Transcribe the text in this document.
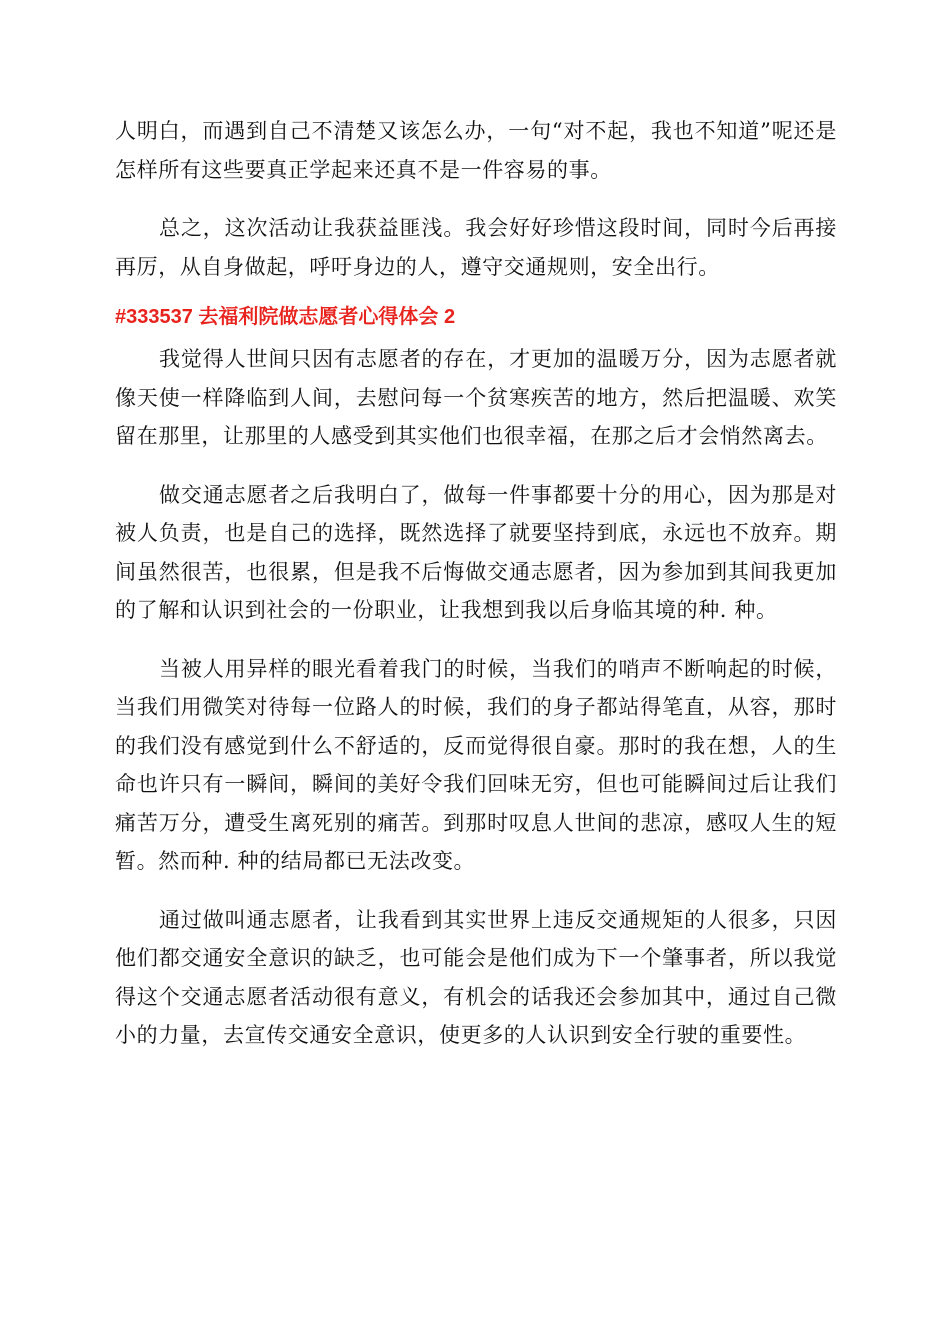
人明白，而遇到自己不清楚又该怎么办，一句“对不起，我也不知道”呢还是怎样所有这些要真正学起来还真不是一件容易的事。

总之，这次活动让我获益匪浅。我会好好珍惜这段时间，同时今后再接再厉，从自身做起，呼吁身边的人，遵守交通规则，安全出行。

#333537 去福利院做志愿者心得体会 2

我觉得人世间只因有志愿者的存在，才更加的温暖万分，因为志愿者就像天使一样降临到人间，去慰问每一个贫寒疾苦的地方，然后把温暖、欢笑留在那里，让那里的人感受到其实他们也很幸福，在那之后才会悄然离去。

做交通志愿者之后我明白了，做每一件事都要十分的用心，因为那是对被人负责，也是自己的选择，既然选择了就要坚持到底，永远也不放弃。期间虽然很苦，也很累，但是我不后悔做交通志愿者，因为参加到其间我更加的了解和认识到社会的一份职业，让我想到我以后身临其境的种. 种。

当被人用异样的眼光看着我门的时候，当我们的哨声不断响起的时候，当我们用微笑对待每一位路人的时候，我们的身子都站得笔直，从容，那时的我们没有感觉到什么不舒适的，反而觉得很自豪。那时的我在想，人的生命也许只有一瞬间，瞬间的美好令我们回味无穷，但也可能瞬间过后让我们痛苦万分，遭受生离死别的痛苦。到那时叹息人世间的悲凉，感叹人生的短暂。然而种. 种的结局都已无法改变。

通过做叫通志愿者，让我看到其实世界上违反交通规矩的人很多，只因他们都交通安全意识的缺乏，也可能会是他们成为下一个肇事者，所以我觉得这个交通志愿者活动很有意义，有机会的话我还会参加其中，通过自己微小的力量，去宣传交通安全意识，使更多的人认识到安全行驶的重要性。
